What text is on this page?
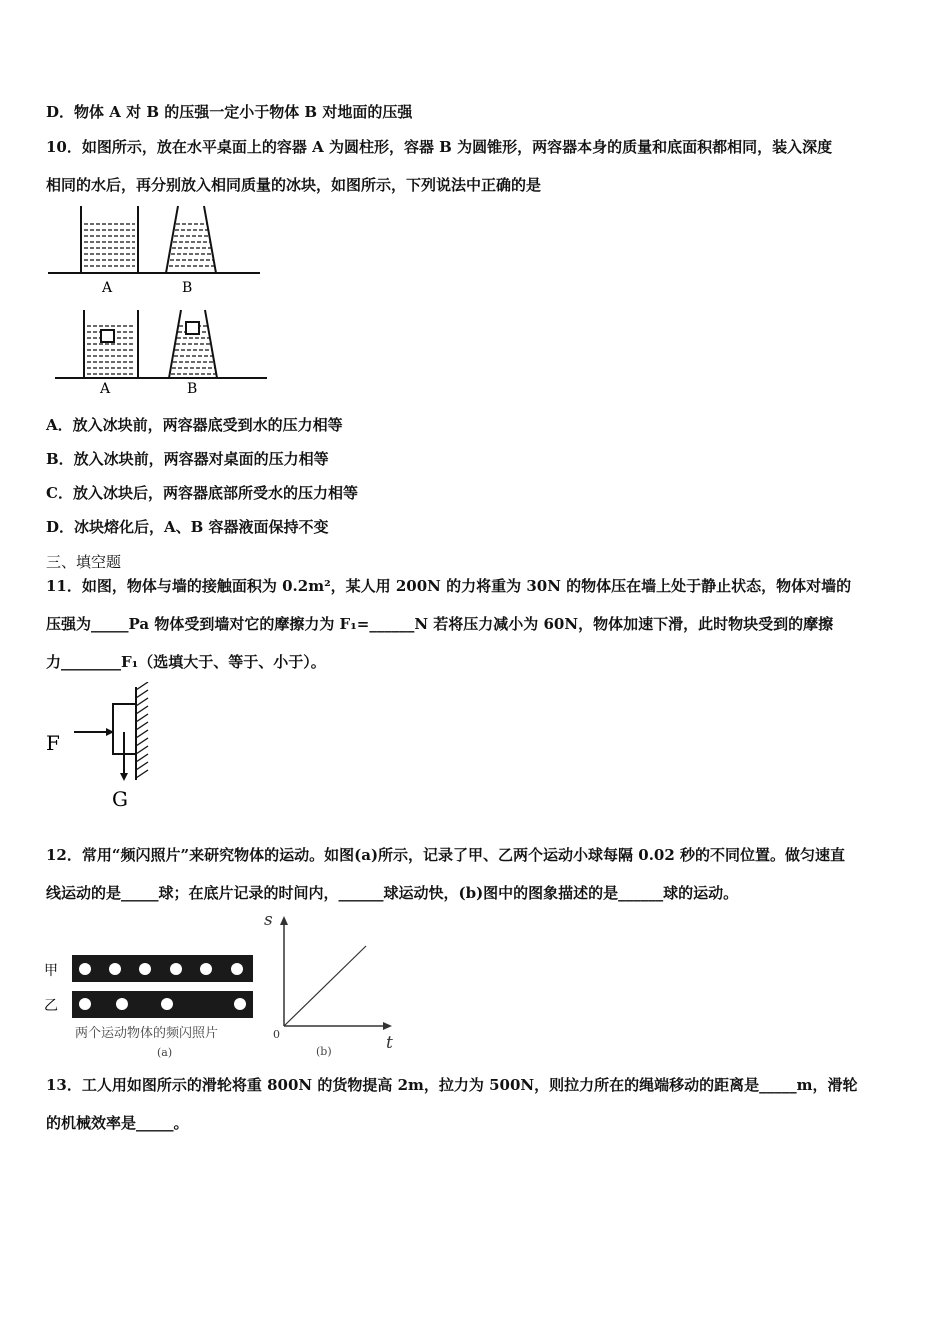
D．物体 A 对 B 的压强一定小于物体 B 对地面的压强
10．如图所示，放在水平桌面上的容器 A 为圆柱形，容器 B 为圆锥形，两容器本身的质量和底面积都相同，装入深度
相同的水后，再分别放入相同质量的冰块，如图所示，下列说法中正确的是
A	B
A	B
A．放入冰块前，两容器底受到水的压力相等
B．放入冰块前，两容器对桌面的压力相等
C．放入冰块后，两容器底部所受水的压力相等
D．冰块熔化后，A、B 容器液面保持不变
三、填空题
11．如图，物体与墙的接触面积为 0.2m²，某人用 200N 的力将重为 30N 的物体压在墙上处于静止状态，物体对墙的
压强为_____Pa 物体受到墙对它的摩擦力为 F₁=______N 若将压力减小为 60N，物体加速下滑，此时物块受到的摩擦
力________F₁（选填大于、等于、小于）。
F
G
12．常用“频闪照片”来研究物体的运动。如图(a)所示，记录了甲、乙两个运动小球每隔 0.02 秒的不同位置。做匀速直
线运动的是_____球；在底片记录的时间内，______球运动快，(b)图中的图象描述的是______球的运动。
甲
乙
两个运动物体的频闪照片
(a)
s
t
0
(b)
13．工人用如图所示的滑轮将重 800N 的货物提高 2m，拉力为 500N，则拉力所在的绳端移动的距离是_____m，滑轮
的机械效率是_____。
